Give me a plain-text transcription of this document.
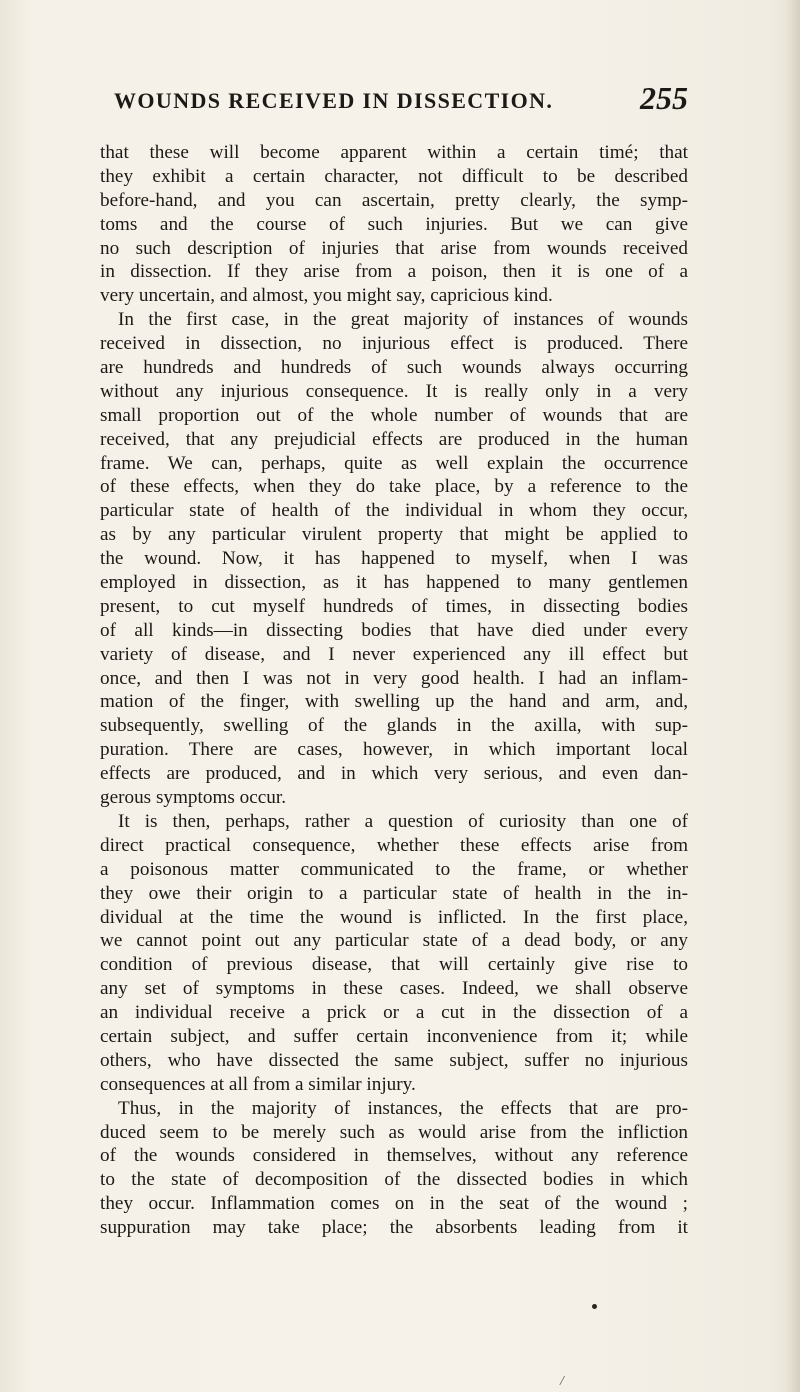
WOUNDS RECEIVED IN DISSECTION.	255
that these will become apparent within a certain timé; that
they exhibit a certain character, not difficult to be described
before-hand, and you can ascertain, pretty clearly, the symp-
toms and the course of such injuries. But we can give
no such description of injuries that arise from wounds received
in dissection. If they arise from a poison, then it is one of a
very uncertain, and almost, you might say, capricious kind.
In the first case, in the great majority of instances of wounds
received in dissection, no injurious effect is produced. There
are hundreds and hundreds of such wounds always occurring
without any injurious consequence. It is really only in a very
small proportion out of the whole number of wounds that are
received, that any prejudicial effects are produced in the human
frame. We can, perhaps, quite as well explain the occurrence
of these effects, when they do take place, by a reference to the
particular state of health of the individual in whom they occur,
as by any particular virulent property that might be applied to
the wound. Now, it has happened to myself, when I was
employed in dissection, as it has happened to many gentlemen
present, to cut myself hundreds of times, in dissecting bodies
of all kinds—in dissecting bodies that have died under every
variety of disease, and I never experienced any ill effect but
once, and then I was not in very good health. I had an inflam-
mation of the finger, with swelling up the hand and arm, and,
subsequently, swelling of the glands in the axilla, with sup-
puration. There are cases, however, in which important local
effects are produced, and in which very serious, and even dan-
gerous symptoms occur.
It is then, perhaps, rather a question of curiosity than one of
direct practical consequence, whether these effects arise from
a poisonous matter communicated to the frame, or whether
they owe their origin to a particular state of health in the in-
dividual at the time the wound is inflicted. In the first place,
we cannot point out any particular state of a dead body, or any
condition of previous disease, that will certainly give rise to
any set of symptoms in these cases. Indeed, we shall observe
an individual receive a prick or a cut in the dissection of a
certain subject, and suffer certain inconvenience from it; while
others, who have dissected the same subject, suffer no injurious
consequences at all from a similar injury.
Thus, in the majority of instances, the effects that are pro-
duced seem to be merely such as would arise from the infliction
of the wounds considered in themselves, without any reference
to the state of decomposition of the dissected bodies in which
they occur. Inflammation comes on in the seat of the wound ;
suppuration may take place; the absorbents leading from it
/
